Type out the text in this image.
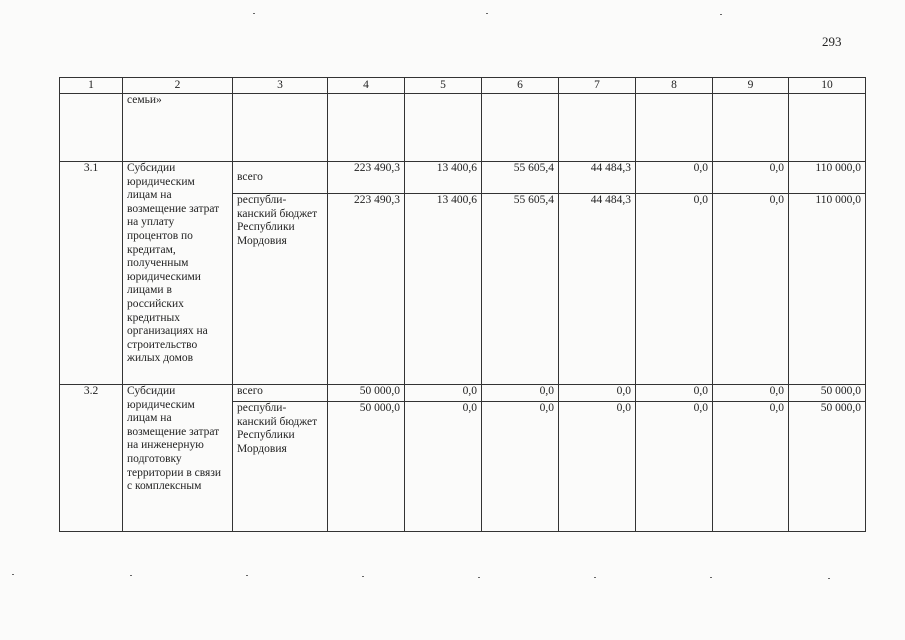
293
1	2	3	4	5	6	7	8	9	10
	семьи»								
3.1	Субсидии юридическим лицам на возмещение затрат на уплату процентов по кредитам, полученным юридическими лицами в российских кредитных организациях на строительство жилых домов	всего	223 490,3	13 400,6	55 605,4	44 484,3	0,0	0,0	110 000,0
		республи-канский бюджет Республики Мордовия	223 490,3	13 400,6	55 605,4	44 484,3	0,0	0,0	110 000,0
3.2	Субсидии юридическим лицам на возмещение затрат на инженерную подготовку территории в связи с комплексным	всего	50 000,0	0,0	0,0	0,0	0,0	0,0	50 000,0
		республи-канский бюджет Республики Мордовия	50 000,0	0,0	0,0	0,0	0,0	0,0	50 000,0
